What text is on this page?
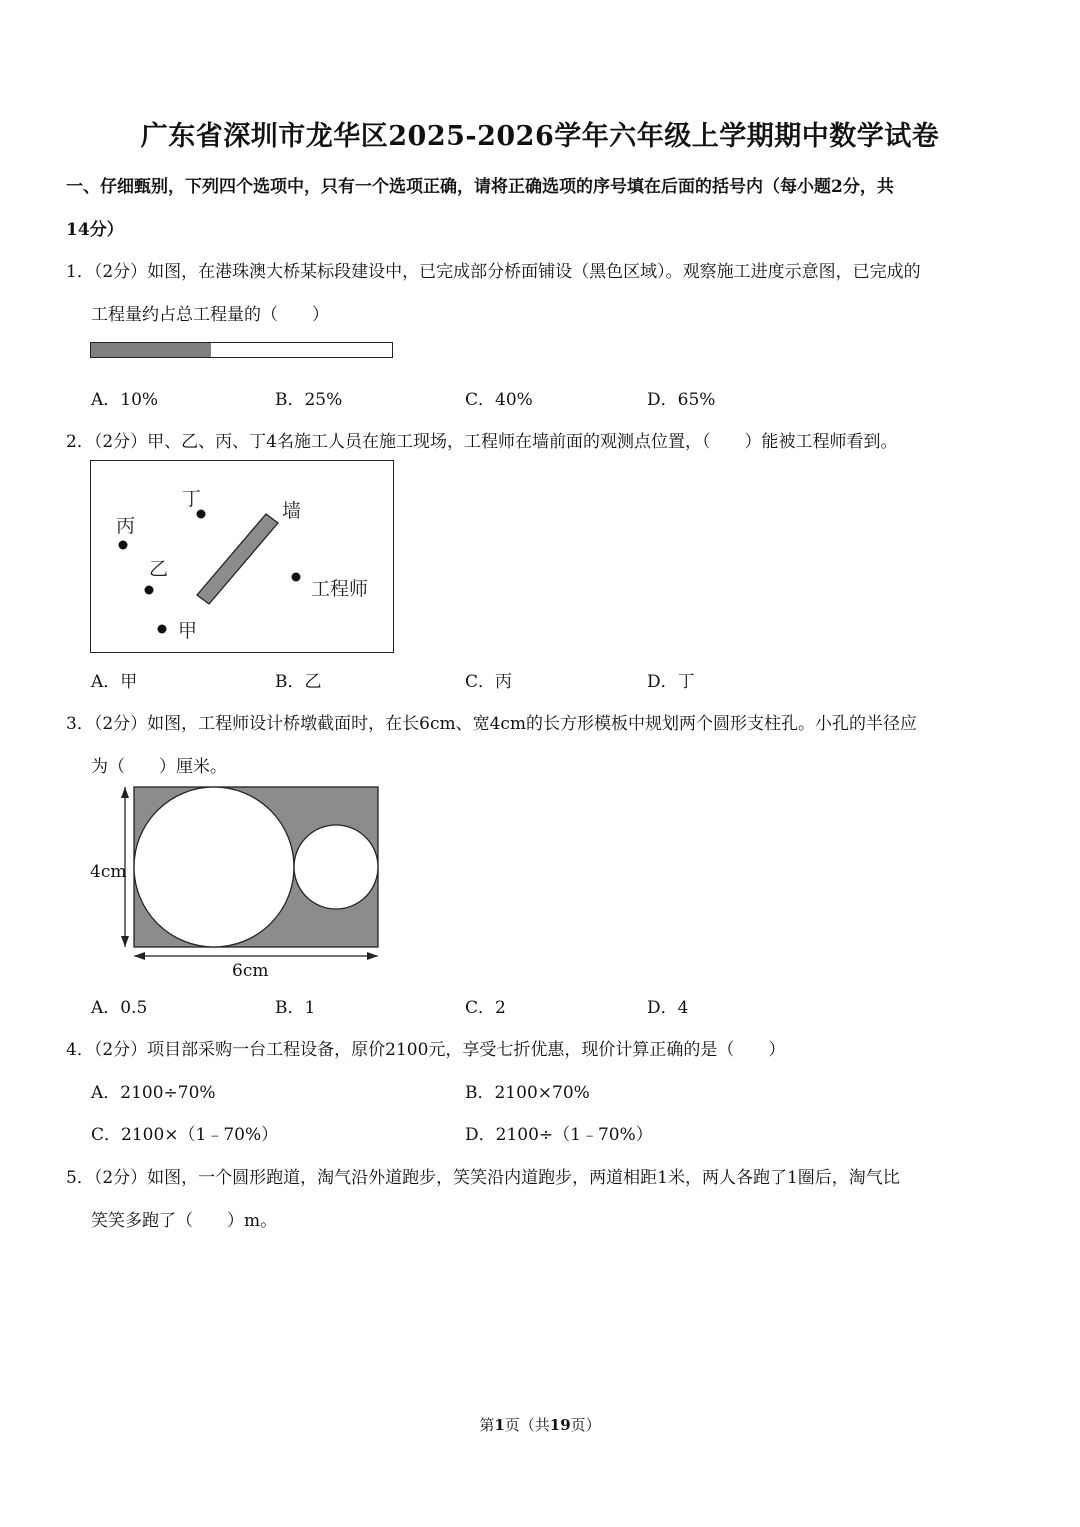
广东省深圳市龙华区2025-2026学年六年级上学期期中数学试卷
一、仔细甄别，下列四个选项中，只有一个选项正确，请将正确选项的序号填在后面的括号内（每小题2分，共
14分）
1．（2分）如图，在港珠澳大桥某标段建设中，已完成部分桥面铺设（黑色区域）。观察施工进度示意图，已完成的
工程量约占总工程量的（　　）
A．10%	B．25%	C．40%	D．65%
2．（2分）甲、乙、丙、丁4名施工人员在施工现场，工程师在墙前面的观测点位置，（　　）能被工程师看到。
丁
丙
乙
甲
墙
工程师
A．甲	B．乙	C．丙	D．丁
3．（2分）如图，工程师设计桥墩截面时，在长6cm、宽4cm的长方形模板中规划两个圆形支柱孔。小孔的半径应
为（　　）厘米。
4cm
6cm
A．0.5	B．1	C．2	D．4
4．（2分）项目部采购一台工程设备，原价2100元，享受七折优惠，现价计算正确的是（　　）
A．2100÷70%	B．2100×70%
C．2100×（1﹣70%）	D．2100÷（1﹣70%）
5．（2分）如图，一个圆形跑道，淘气沿外道跑步，笑笑沿内道跑步，两道相距1米，两人各跑了1圈后，淘气比
笑笑多跑了（　　）m。
第1页（共19页）
